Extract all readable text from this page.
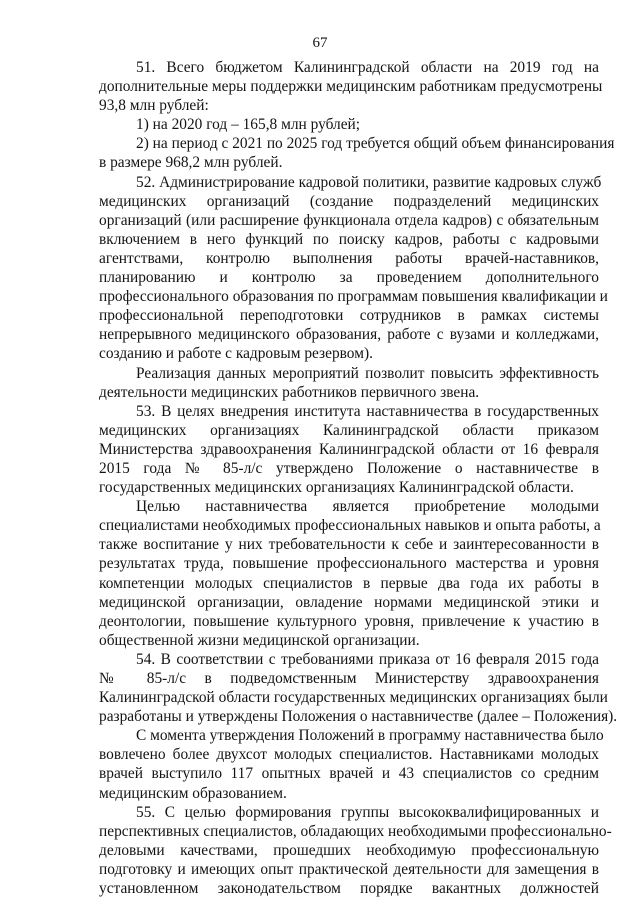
67
51. Всего бюджетом Калининградской области на 2019 год на
дополнительные меры поддержки медицинским работникам предусмотрены
93,8 млн рублей:
1) на 2020 год – 165,8 млн рублей;
2) на период с 2021 по 2025 год требуется общий объем финансирования
в размере 968,2 млн рублей.
52. Администрирование кадровой политики, развитие кадровых служб
медицинских организаций (создание подразделений медицинских
организаций (или расширение функционала отдела кадров) с обязательным
включением в него функций по поиску кадров, работы с кадровыми
агентствами, контролю выполнения работы врачей-наставников,
планированию и контролю за проведением дополнительного
профессионального образования по программам повышения квалификации и
профессиональной переподготовки сотрудников в рамках системы
непрерывного медицинского образования, работе с вузами и колледжами,
созданию и работе с кадровым резервом).
Реализация данных мероприятий позволит повысить эффективность
деятельности медицинских работников первичного звена.
53. В целях внедрения института наставничества в государственных
медицинских организациях Калининградской области приказом
Министерства здравоохранения Калининградской области от 16 февраля
2015 года № 85-л/с утверждено Положение о наставничестве в
государственных медицинских организациях Калининградской области.
Целью наставничества является приобретение молодыми
специалистами необходимых профессиональных навыков и опыта работы, а
также воспитание у них требовательности к себе и заинтересованности в
результатах труда, повышение профессионального мастерства и уровня
компетенции молодых специалистов в первые два года их работы в
медицинской организации, овладение нормами медицинской этики и
деонтологии, повышение культурного уровня, привлечение к участию в
общественной жизни медицинской организации.
54. В соответствии с требованиями приказа от 16 февраля 2015 года
№ 85-л/с в подведомственным Министерству здравоохранения
Калининградской области государственных медицинских организациях были
разработаны и утверждены Положения о наставничестве (далее – Положения).
С момента утверждения Положений в программу наставничества было
вовлечено более двухсот молодых специалистов. Наставниками молодых
врачей выступило 117 опытных врачей и 43 специалистов со средним
медицинским образованием.
55. С целью формирования группы высококвалифицированных и
перспективных специалистов, обладающих необходимыми профессионально-
деловыми качествами, прошедших необходимую профессиональную
подготовку и имеющих опыт практической деятельности для замещения в
установленном законодательством порядке вакантных должностей
